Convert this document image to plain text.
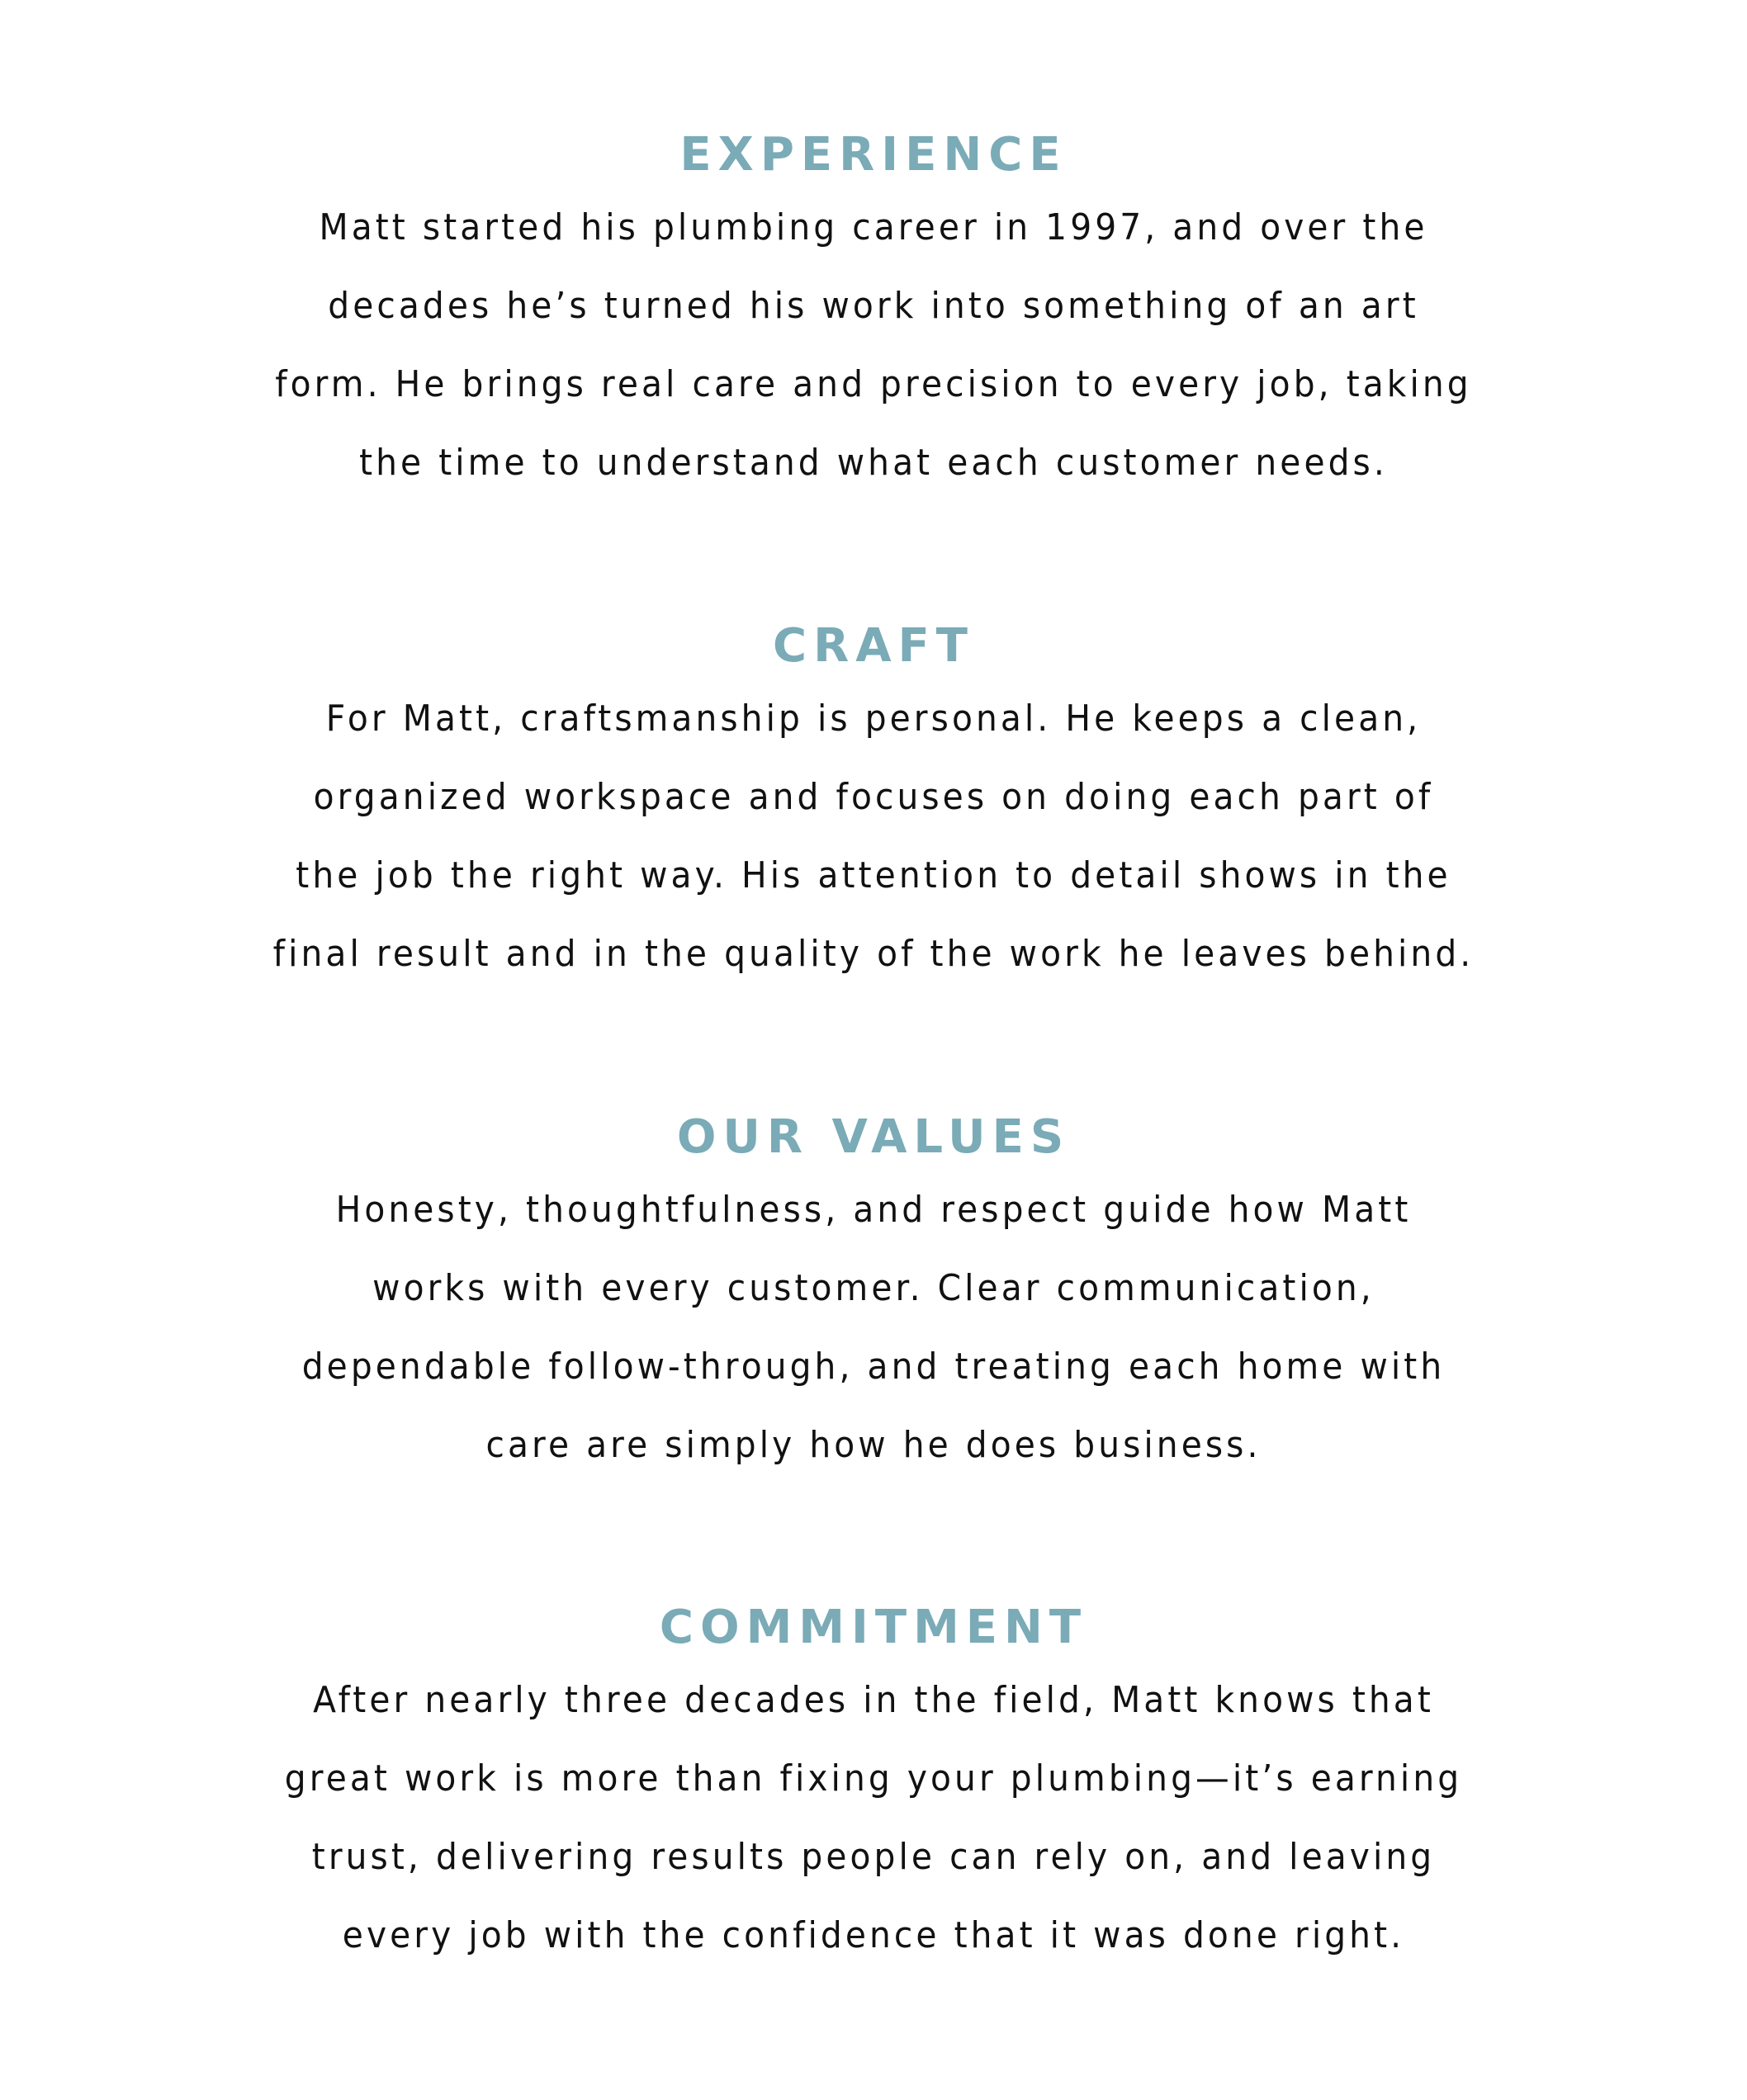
EXPERIENCE

Matt started his plumbing career in 1997, and over the
decades he’s turned his work into something of an art
form. He brings real care and precision to every job, taking
the time to understand what each customer needs.

CRAFT

For Matt, craftsmanship is personal. He keeps a clean,
organized workspace and focuses on doing each part of
the job the right way. His attention to detail shows in the
final result and in the quality of the work he leaves behind.

OUR VALUES

Honesty, thoughtfulness, and respect guide how Matt
works with every customer. Clear communication,
dependable follow-through, and treating each home with
care are simply how he does business.

COMMITMENT

After nearly three decades in the field, Matt knows that
great work is more than fixing your plumbing—it’s earning
trust, delivering results people can rely on, and leaving
every job with the confidence that it was done right.
